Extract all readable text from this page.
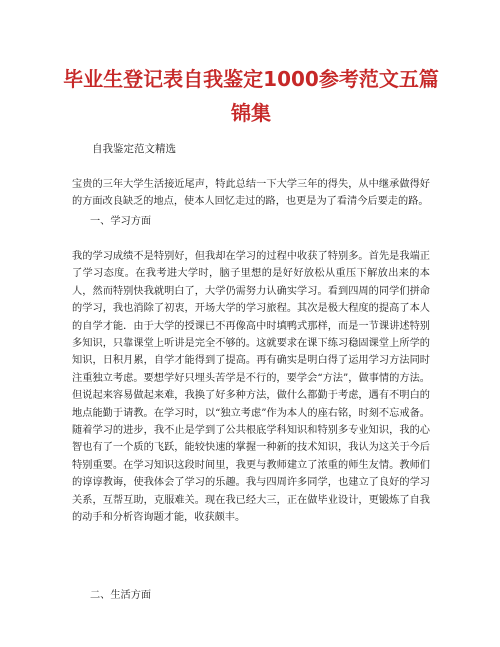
毕业生登记表自我鉴定1000参考范文五篇锦集
自我鉴定范文精选
宝贵的三年大学生活接近尾声，特此总结一下大学三年的得失，从中继承做得好的方面改良缺乏的地点，使本人回忆走过的路，也更是为了看清今后要走的路。
一、学习方面
我的学习成绩不是特别好，但我却在学习的过程中收获了特别多。首先是我端正了学习态度。在我考进大学时，脑子里想的是好好放松从重压下解放出来的本人，然而特别快我就明白了，大学仍需努力认确实学习。看到四周的同学们拼命的学习，我也消除了初衷，开场大学的学习旅程。其次是极大程度的提高了本人的自学才能．由于大学的授课已不再像高中时填鸭式那样，而是一节课讲述特别多知识，只靠课堂上听讲是完全不够的。这就要求在课下练习稳固课堂上所学的知识，日积月累，自学才能得到了提高。再有确实是明白得了运用学习方法同时注重独立考虑。要想学好只埋头苦学是不行的，要学会“方法”，做事情的方法。但说起来容易做起来难，我换了好多种方法，做什么都勤于考虑，遇有不明白的地点能勤于请教。在学习时，以“独立考虑”作为本人的座右铭，时刻不忘戒备。随着学习的进步，我不止是学到了公共根底学科知识和特别多专业知识，我的心智也有了一个质的飞跃，能较快速的掌握一种新的技术知识，我认为这关于今后特别重要。在学习知识这段时间里，我更与教师建立了浓重的师生友情。教师们的谆谆教诲，使我体会了学习的乐趣。我与四周许多同学，也建立了良好的学习关系，互帮互助，克服难关。现在我已经大三，正在做毕业设计，更锻炼了自我的动手和分析咨询题才能，收获颇丰。
二、生活方面
